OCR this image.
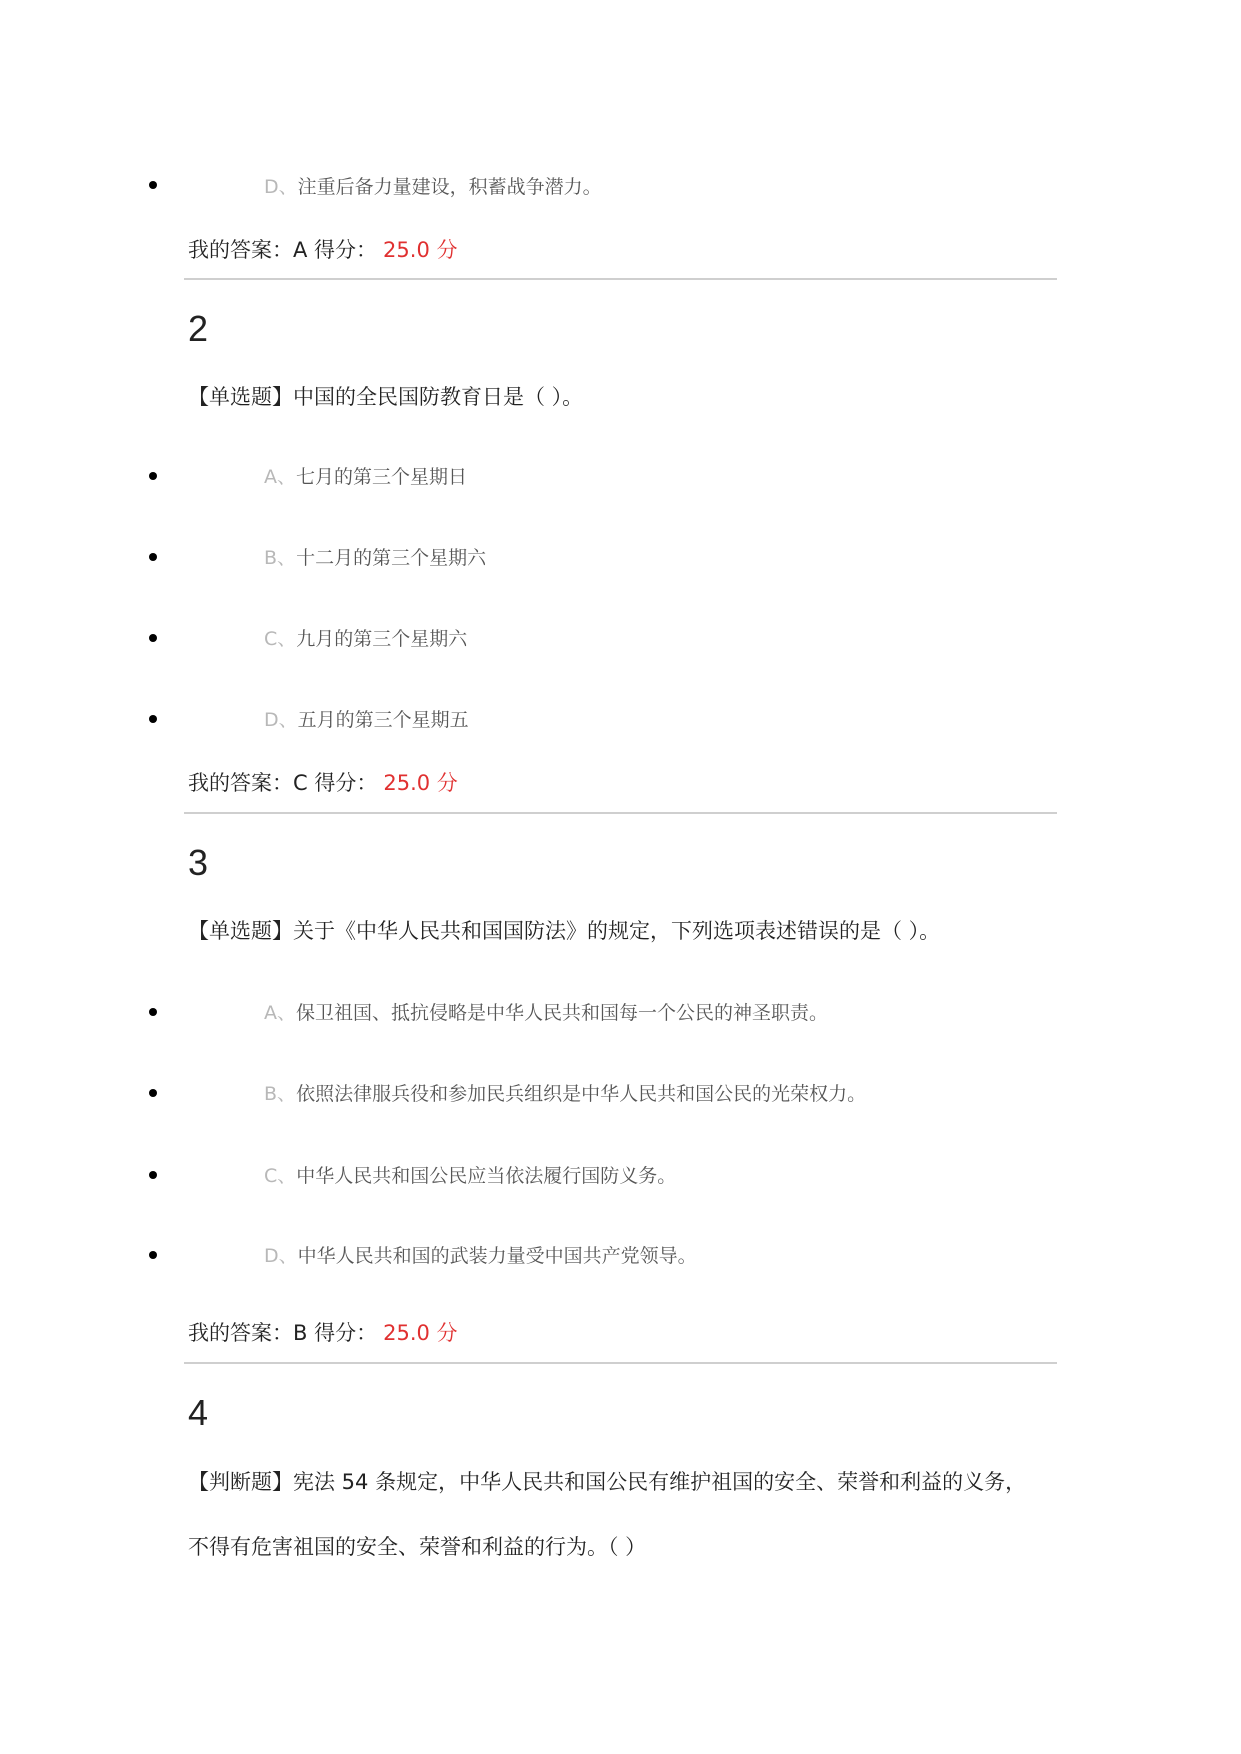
D、注重后备力量建设，积蓄战争潜力。
我的答案：A 得分： 25.0 分
2
【单选题】中国的全民国防教育日是（ ）。
A、七月的第三个星期日
B、十二月的第三个星期六
C、九月的第三个星期六
D、五月的第三个星期五
我的答案：C 得分： 25.0 分
3
【单选题】关于《中华人民共和国国防法》的规定，下列选项表述错误的是（ ）。
A、保卫祖国、抵抗侵略是中华人民共和国每一个公民的神圣职责。
B、依照法律服兵役和参加民兵组织是中华人民共和国公民的光荣权力。
C、中华人民共和国公民应当依法履行国防义务。
D、中华人民共和国的武装力量受中国共产党领导。
我的答案：B 得分： 25.0 分
4
【判断题】宪法 54 条规定，中华人民共和国公民有维护祖国的安全、荣誉和利益的义务，
不得有危害祖国的安全、荣誉和利益的行为。（ ）
